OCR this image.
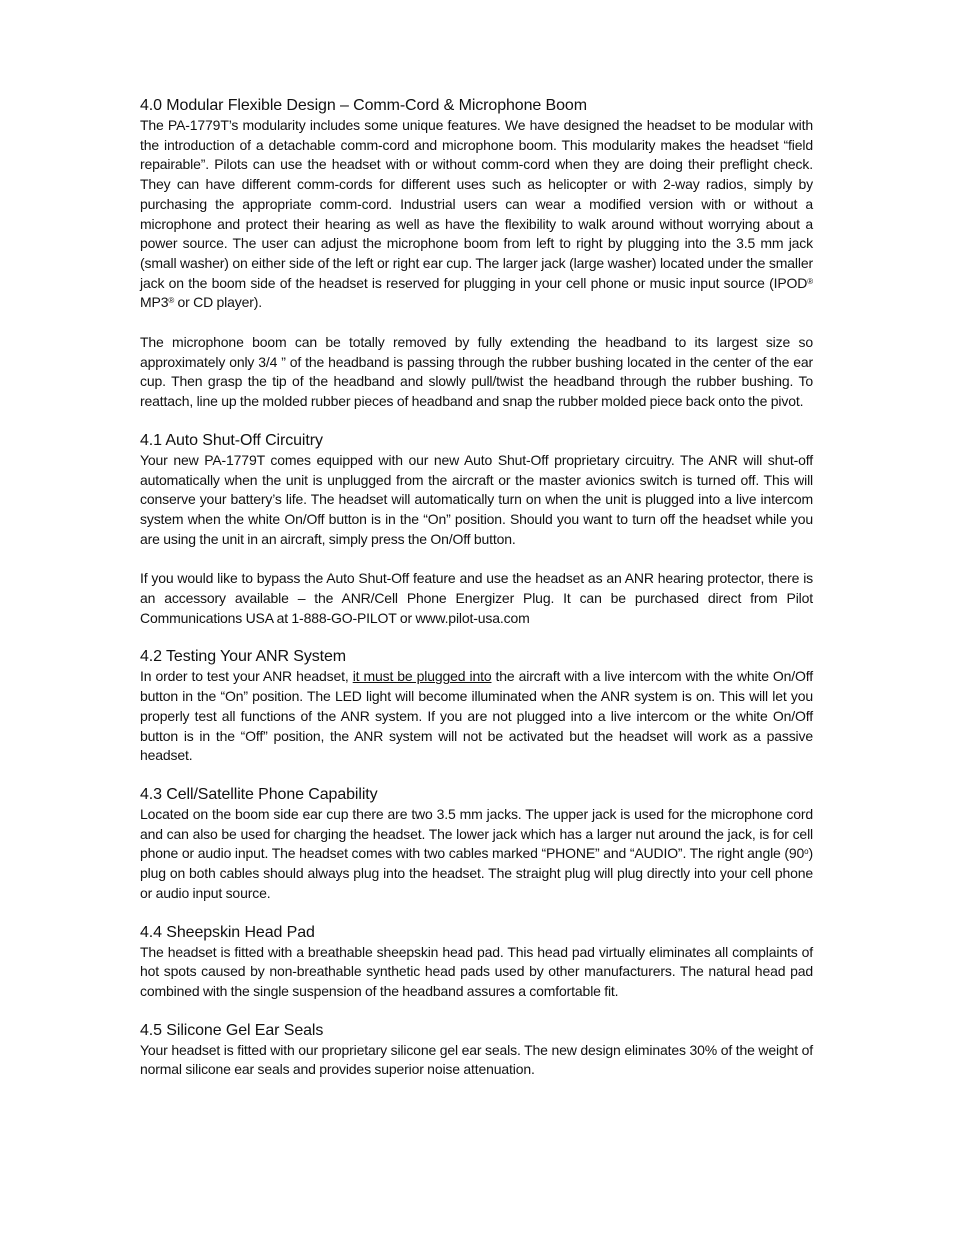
4.0 Modular Flexible Design – Comm-Cord & Microphone Boom

The PA-1779T’s modularity includes some unique features. We have designed the headset to be modular with the introduction of a detachable comm-cord and microphone boom. This modularity makes the headset “field repairable”. Pilots can use the headset with or without comm-cord when they are doing their preflight check. They can have different comm-cords for different uses such as helicopter or with 2-way radios, simply by purchasing the appropriate comm-cord. Industrial users can wear a modified version with or without a microphone and protect their hearing as well as have the flexibility to walk around without worrying about a power source. The user can adjust the microphone boom from left to right by plugging into the 3.5 mm jack (small washer) on either side of the left or right ear cup. The larger jack (large washer) located under the smaller jack on the boom side of the headset is reserved for plugging in your cell phone or music input source (IPOD® MP3® or CD player).

The microphone boom can be totally removed by fully extending the headband to its largest size so approximately only 3/4 ” of the headband is passing through the rubber bushing located in the center of the ear cup. Then grasp the tip of the headband and slowly pull/twist the headband through the rubber bushing. To reattach, line up the molded rubber pieces of headband and snap the rubber molded piece back onto the pivot.

4.1 Auto Shut-Off Circuitry

Your new PA-1779T comes equipped with our new Auto Shut-Off proprietary circuitry. The ANR will shut-off automatically when the unit is unplugged from the aircraft or the master avionics switch is turned off. This will conserve your battery’s life. The headset will automatically turn on when the unit is plugged into a live intercom system when the white On/Off button is in the “On” position. Should you want to turn off the headset while you are using the unit in an aircraft, simply press the On/Off button.

If you would like to bypass the Auto Shut-Off feature and use the headset as an ANR hearing protector, there is an accessory available – the ANR/Cell Phone Energizer Plug. It can be purchased direct from Pilot Communications USA at 1-888-GO-PILOT or www.pilot-usa.com

4.2 Testing Your ANR System

In order to test your ANR headset, it must be plugged into the aircraft with a live intercom with the white On/Off button in the “On” position. The LED light will become illuminated when the ANR system is on. This will let you properly test all functions of the ANR system. If you are not plugged into a live intercom or the white On/Off button is in the “Off” position, the ANR system will not be activated but the headset will work as a passive headset.

4.3 Cell/Satellite Phone Capability

Located on the boom side ear cup there are two 3.5 mm jacks. The upper jack is used for the microphone cord and can also be used for charging the headset. The lower jack which has a larger nut around the jack, is for cell phone or audio input. The headset comes with two cables marked “PHONE” and “AUDIO”. The right angle (90$^o$) plug on both cables should always plug into the headset. The straight plug will plug directly into your cell phone or audio input source.

4.4 Sheepskin Head Pad

The headset is fitted with a breathable sheepskin head pad. This head pad virtually eliminates all complaints of hot spots caused by non-breathable synthetic head pads used by other manufacturers. The natural head pad combined with the single suspension of the headband assures a comfortable fit.

4.5 Silicone Gel Ear Seals

Your headset is fitted with our proprietary silicone gel ear seals. The new design eliminates 30% of the weight of normal silicone ear seals and provides superior noise attenuation.
